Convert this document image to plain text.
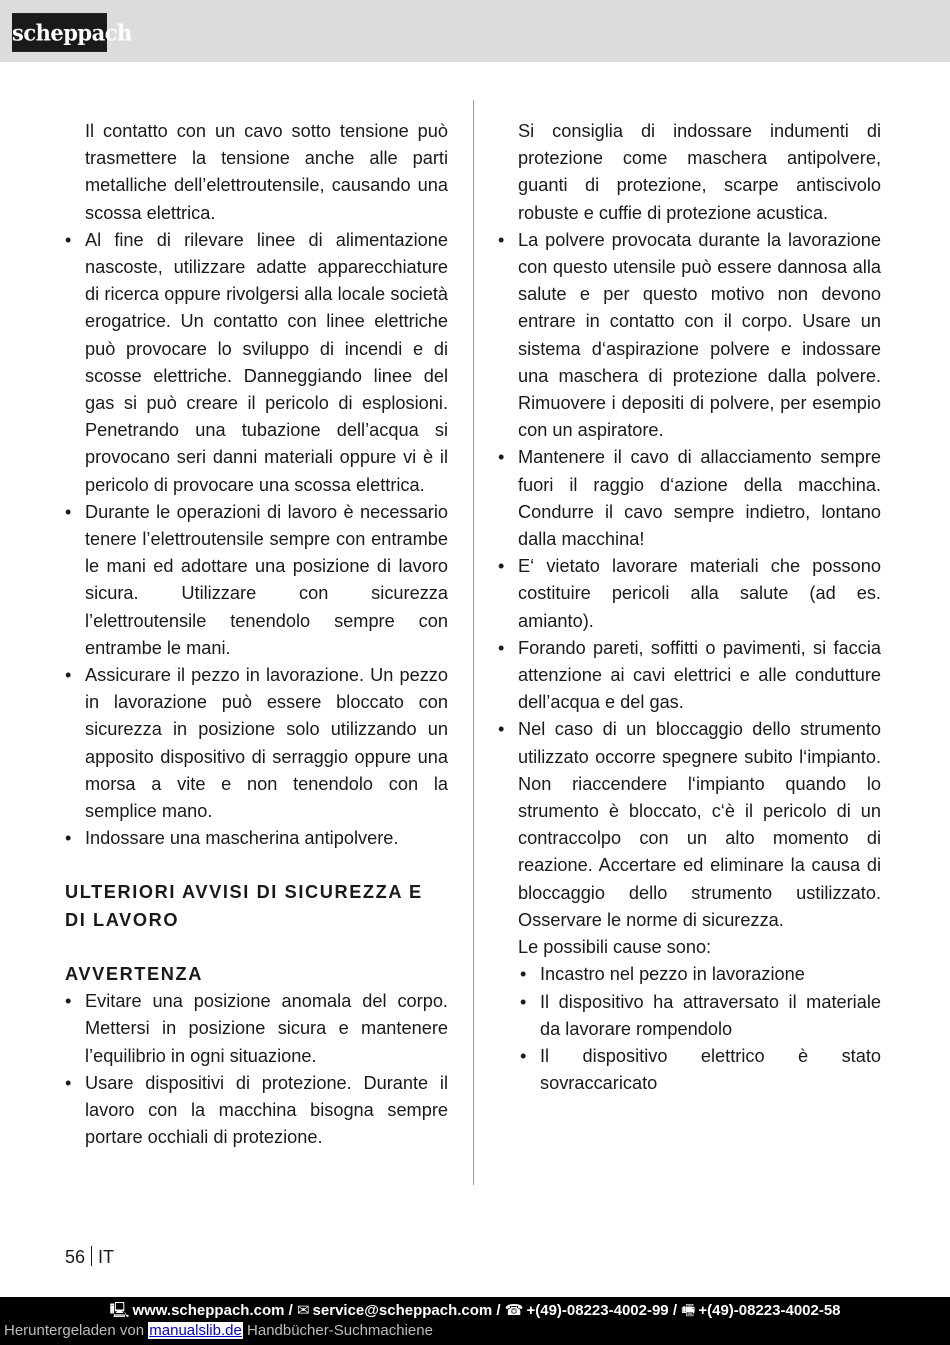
scheppach

Il contatto con un cavo sotto tensione può trasmettere la tensione anche alle parti metalliche dell’elettroutensile, causando una scossa elettrica.

• Al fine di rilevare linee di alimentazione nascoste, utilizzare adatte apparecchiature di ricerca oppure rivolgersi alla locale società erogatrice. Un contatto con linee elettriche può provocare lo sviluppo di incendi e di scosse elettriche. Danneggiando linee del gas si può creare il pericolo di esplosioni. Penetrando una tubazione dell’acqua si provocano seri danni materiali oppure vi è il pericolo di provocare una scossa elettrica.
• Durante le operazioni di lavoro è necessario tenere l’elettroutensile sempre con entrambe le mani ed adottare una posizione di lavoro sicura. Utilizzare con sicurezza l’elettroutensile tenendolo sempre con entrambe le mani.
• Assicurare il pezzo in lavorazione. Un pezzo in lavorazione può essere bloccato con sicurezza in posizione solo utilizzando un apposito dispositivo di serraggio oppure una morsa a vite e non tenendolo con la semplice mano.
• Indossare una mascherina antipolvere.
ULTERIORI AVVISI DI SICUREZZA E DI LAVORO
AVVERTENZA
• Evitare una posizione anomala del corpo. Mettersi in posizione sicura e mantenere l’equilibrio in ogni situazione.
• Usare dispositivi di protezione. Durante il lavoro con la macchina bisogna sempre portare occhiali di protezione.

Si consiglia di indossare indumenti di protezione come maschera antipolvere, guanti di protezione, scarpe antiscivolo robuste e cuffie di protezione acustica.

• La polvere provocata durante la lavorazione con questo utensile può essere dannosa alla salute e per questo motivo non devono entrare in contatto con il corpo. Usare un sistema d‘aspirazione polvere e indossare una maschera di protezione dalla polvere. Rimuovere i depositi di polvere, per esempio con un aspiratore.
• Mantenere il cavo di allacciamento sempre fuori il raggio d‘azione della macchina. Condurre il cavo sempre indietro, lontano dalla macchina!
• E‘ vietato lavorare materiali che possono costituire pericoli alla salute (ad es. amianto).
• Forando pareti, soffitti o pavimenti, si faccia attenzione ai cavi elettrici e alle condutture dell’acqua e del gas.
• Nel caso di un bloccaggio dello strumento utilizzato occorre spegnere subito l‘impianto. Non riaccendere l‘impianto quando lo strumento è bloccato, c‘è il pericolo di un contraccolpo con un alto momento di reazione. Accertare ed eliminare la causa di bloccaggio dello strumento ustilizzato. Osservare le norme di sicurezza.

Le possibili cause sono:

• Incastro nel pezzo in lavorazione
• Il dispositivo ha attraversato il materiale da lavorare rompendolo
• Il dispositivo elettrico è stato sovraccaricato
56 IT
🖳 www.scheppach.com / ✉ service@scheppach.com / ☎ +(49)-08223-4002-99 / 🖷 +(49)-08223-4002-58
Heruntergeladen von manualslib.de Handbücher-Suchmachiene
